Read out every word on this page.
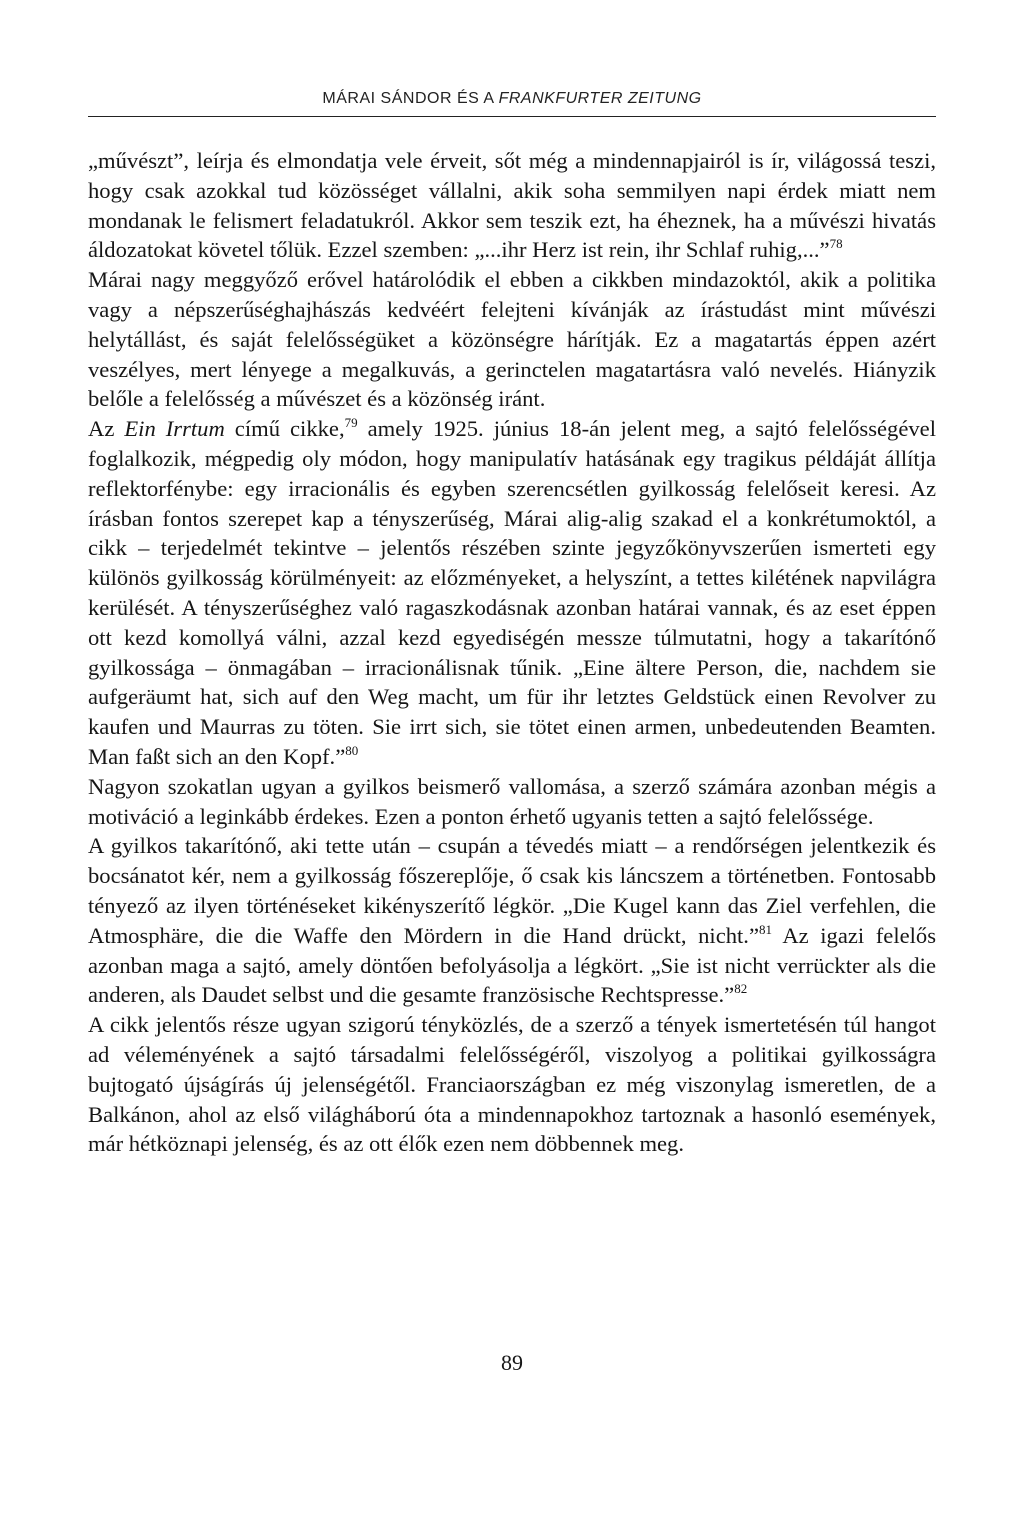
MÁRAI SÁNDOR ÉS A FRANKFURTER ZEITUNG

„művészt”, leírja és elmondatja vele érveit, sőt még a mindennapjairól is ír, világossá teszi, hogy csak azokkal tud közösséget vállalni, akik soha semmilyen napi érdek miatt nem mondanak le felismert feladatukról. Akkor sem teszik ezt, ha éheznek, ha a művészi hivatás áldozatokat követel tőlük. Ezzel szemben: „...ihr Herz ist rein, ihr Schlaf ruhig,...”$^{78}$

Márai nagy meggyőző erővel határolódik el ebben a cikkben mindazoktól, akik a politika vagy a népszerűséghajhászás kedvéért felejteni kívánják az írástudást mint művészi helytállást, és saját felelősségüket a közönségre hárítják. Ez a magatartás éppen azért veszélyes, mert lényege a megalkuvás, a gerinctelen magatartásra való nevelés. Hiányzik belőle a felelősség a művészet és a közönség iránt.

Az Ein Irrtum című cikke,$^{79}$ amely 1925. június 18-án jelent meg, a sajtó felelősségével foglalkozik, mégpedig oly módon, hogy manipulatív hatásának egy tragikus példáját állítja reflektorfénybe: egy irracionális és egyben szerencsétlen gyilkosság felelőseit keresi. Az írásban fontos szerepet kap a tényszerűség, Márai alig-alig szakad el a konkrétumoktól, a cikk – terjedelmét tekintve – jelentős részében szinte jegyzőkönyvszerűen ismerteti egy különös gyilkosság körülményeit: az előzményeket, a helyszínt, a tettes kilétének napvilágra kerülését. A tényszerűséghez való ragaszkodásnak azonban határai vannak, és az eset éppen ott kezd komollyá válni, azzal kezd egyediségén messze túlmutatni, hogy a takarítónő gyilkossága – önmagában – irracionálisnak tűnik. „Eine ältere Person, die, nachdem sie aufgeräumt hat, sich auf den Weg macht, um für ihr letztes Geldstück einen Revolver zu kaufen und Maurras zu töten. Sie irrt sich, sie tötet einen armen, unbedeutenden Beamten. Man faßt sich an den Kopf.”$^{80}$

Nagyon szokatlan ugyan a gyilkos beismerő vallomása, a szerző számára azonban mégis a motiváció a leginkább érdekes. Ezen a ponton érhető ugyanis tetten a sajtó felelőssége.

A gyilkos takarítónő, aki tette után – csupán a tévedés miatt – a rendőrségen jelentkezik és bocsánatot kér, nem a gyilkosság főszereplője, ő csak kis láncszem a történetben. Fontosabb tényező az ilyen történéseket kikényszerítő légkör. „Die Kugel kann das Ziel verfehlen, die Atmosphäre, die die Waffe den Mördern in die Hand drückt, nicht.”$^{81}$ Az igazi felelős azonban maga a sajtó, amely döntően befolyásolja a légkört. „Sie ist nicht verrückter als die anderen, als Daudet selbst und die gesamte französische Rechtspresse.”$^{82}$

A cikk jelentős része ugyan szigorú tényközlés, de a szerző a tények ismertetésén túl hangot ad véleményének a sajtó társadalmi felelősségéről, viszolyog a politikai gyilkosságra bujtogató újságírás új jelenségétől. Franciaországban ez még viszonylag ismeretlen, de a Balkánon, ahol az első világháború óta a mindennapokhoz tartoznak a hasonló események, már hétköznapi jelenség, és az ott élők ezen nem döbbennek meg.

89
